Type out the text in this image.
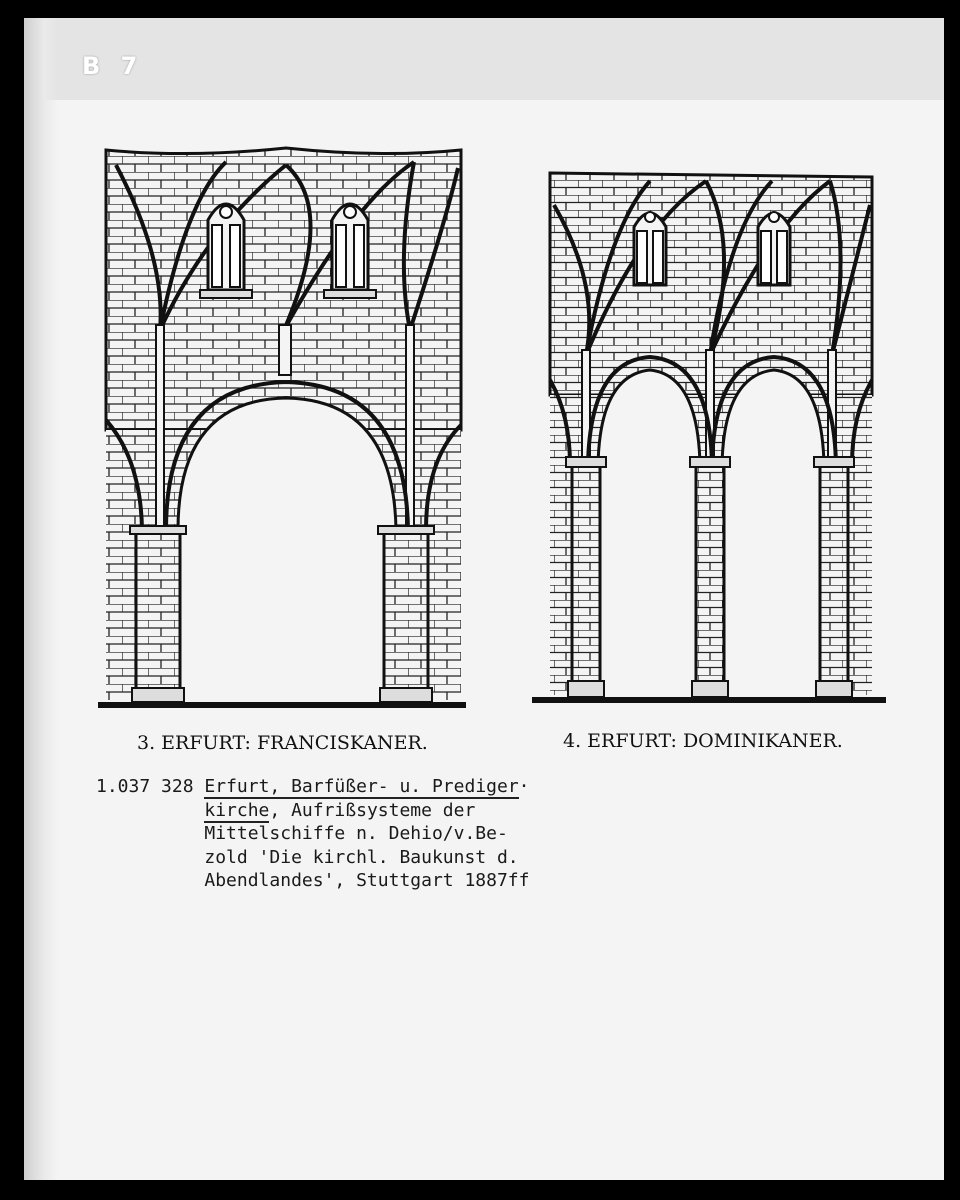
B 7
3. ERFURT: FRANCISKANER.	4. ERFURT: DOMINIKANER.
1.037 328 Erfurt, Barfüßer- u. Prediger·
kirche, Aufrißsysteme der
Mittelschiffe n. Dehio/v.Be-
zold 'Die kirchl. Baukunst d.
Abendlandes', Stuttgart 1887ff
